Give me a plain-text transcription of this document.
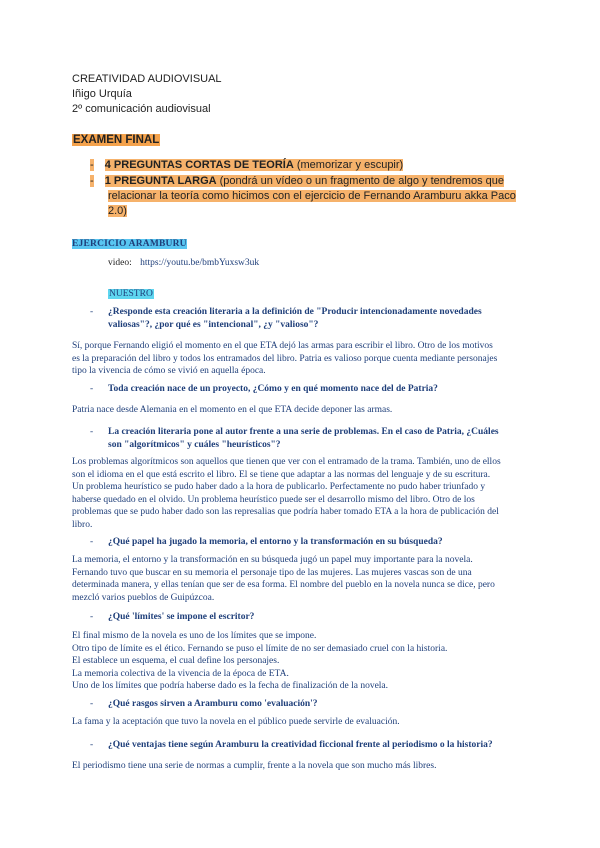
CREATIVIDAD AUDIOVISUAL
Iñigo Urquía
2º comunicación audiovisual
EXAMEN FINAL
- 4 PREGUNTAS CORTAS DE TEORÍA (memorizar y escupir)
- 1 PREGUNTA LARGA (pondrá un vídeo o un fragmento de algo y tendremos que
relacionar la teoría como hicimos con el ejercicio de Fernando Aramburu akka Paco
2.0)
EJERCICIO ARAMBURU
video: https://youtu.be/bmbYuxsw3uk
NUESTRO
- ¿Responde esta creación literaria a la definición de "Producir intencionadamente novedades
valiosas"?, ¿por qué es "intencional", ¿y "valioso"?
Sí, porque Fernando eligió el momento en el que ETA dejó las armas para escribir el libro. Otro de los motivos
es la preparación del libro y todos los entramados del libro. Patria es valioso porque cuenta mediante personajes
tipo la vivencia de cómo se vivió en aquella época.
- Toda creación nace de un proyecto, ¿Cómo y en qué momento nace del de Patria?
Patria nace desde Alemania en el momento en el que ETA decide deponer las armas.
- La creación literaria pone al autor frente a una serie de problemas. En el caso de Patria, ¿Cuáles
son "algorítmicos" y cuáles "heurísticos"?
Los problemas algorítmicos son aquellos que tienen que ver con el entramado de la trama. También, uno de ellos
son el idioma en el que está escrito el libro. El se tiene que adaptar a las normas del lenguaje y de su escritura.
Un problema heurístico se pudo haber dado a la hora de publicarlo. Perfectamente no pudo haber triunfado y
haberse quedado en el olvido. Un problema heurístico puede ser el desarrollo mismo del libro. Otro de los
problemas que se pudo haber dado son las represalias que podría haber tomado ETA a la hora de publicación del
libro.
- ¿Qué papel ha jugado la memoria, el entorno y la transformación en su búsqueda?
La memoria, el entorno y la transformación en su búsqueda jugó un papel muy importante para la novela.
Fernando tuvo que buscar en su memoria el personaje tipo de las mujeres. Las mujeres vascas son de una
determinada manera, y ellas tenían que ser de esa forma. El nombre del pueblo en la novela nunca se dice, pero
mezcló varios pueblos de Guipúzcoa.
- ¿Qué 'límites' se impone el escritor?
El final mismo de la novela es uno de los límites que se impone.
Otro tipo de límite es el ético. Fernando se puso el límite de no ser demasiado cruel con la historia.
El establece un esquema, el cual define los personajes.
La memoria colectiva de la vivencia de la época de ETA.
Uno de los límites que podría haberse dado es la fecha de finalización de la novela.
- ¿Qué rasgos sirven a Aramburu como 'evaluación'?
La fama y la aceptación que tuvo la novela en el público puede servirle de evaluación.
- ¿Qué ventajas tiene según Aramburu la creatividad ficcional frente al periodismo o la historia?
El periodismo tiene una serie de normas a cumplir, frente a la novela que son mucho más libres.
